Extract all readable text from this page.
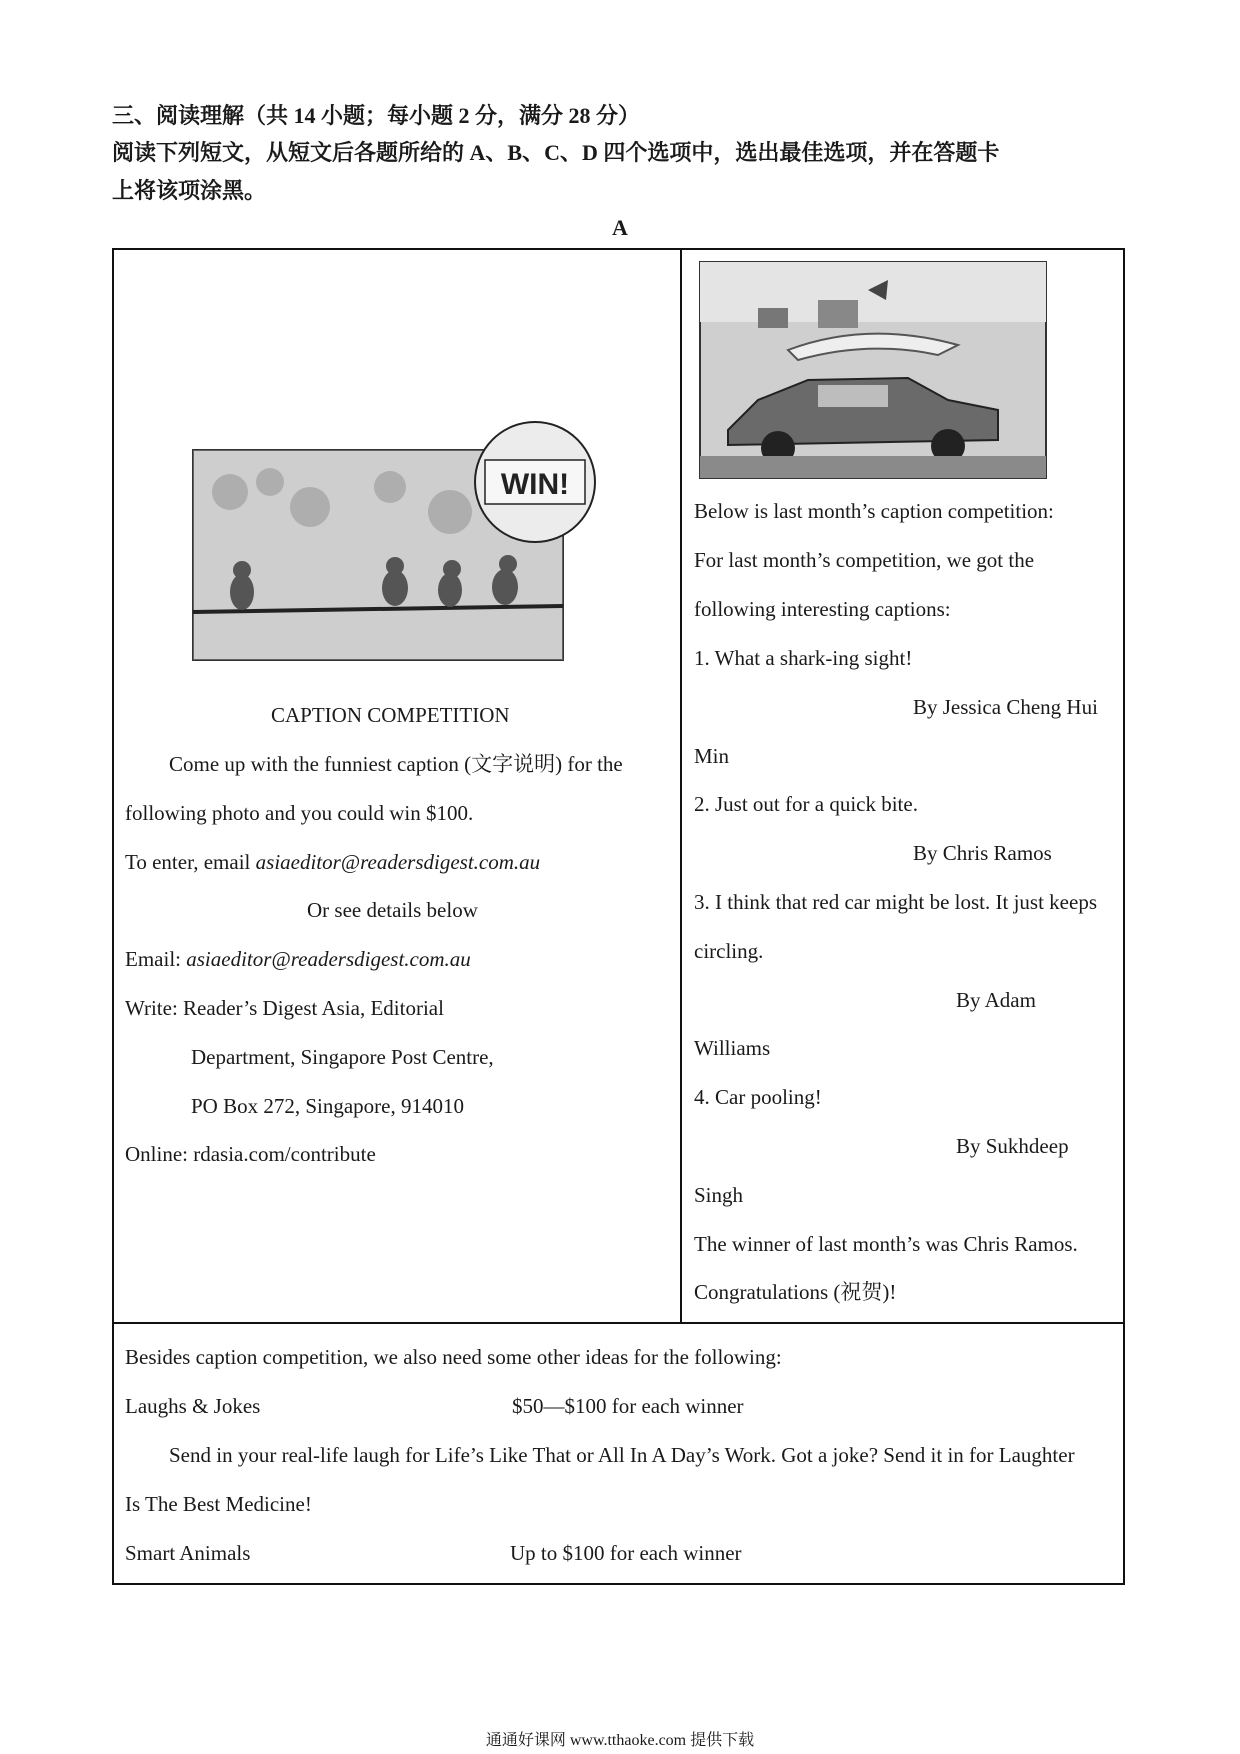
三、阅读理解（共 14 小题；每小题 2 分，满分 28 分）
阅读下列短文，从短文后各题所给的 A、B、C、D 四个选项中，选出最佳选项，并在答题卡
上将该项涂黑。
A
WIN!
CAPTION COMPETITION
Come up with the funniest caption (文字说明) for the
following photo and you could win $100.
To enter, email asiaeditor@readersdigest.com.au
Or see details below
Email: asiaeditor@readersdigest.com.au
Write: Reader’s Digest Asia, Editorial
Department, Singapore Post Centre,
PO Box 272, Singapore, 914010
Online: rdasia.com/contribute
Below is last month’s caption competition:
For last month’s competition, we got the
following interesting captions:
1. What a shark-ing sight!
By Jessica Cheng Hui
Min
2. Just out for a quick bite.
By Chris Ramos
3. I think that red car might be lost. It just keeps
circling.
By Adam
Williams
4. Car pooling!
By Sukhdeep
Singh
The winner of last month’s was Chris Ramos.
Congratulations (祝贺)!
Besides caption competition, we also need some other ideas for the following:
Laughs & Jokes	$50—$100 for each winner
Send in your real-life laugh for Life’s Like That or All In A Day’s Work. Got a joke? Send it in for Laughter
Is The Best Medicine!
Smart Animals	Up to $100 for each winner
通通好课网 www.tthaoke.com 提供下载
